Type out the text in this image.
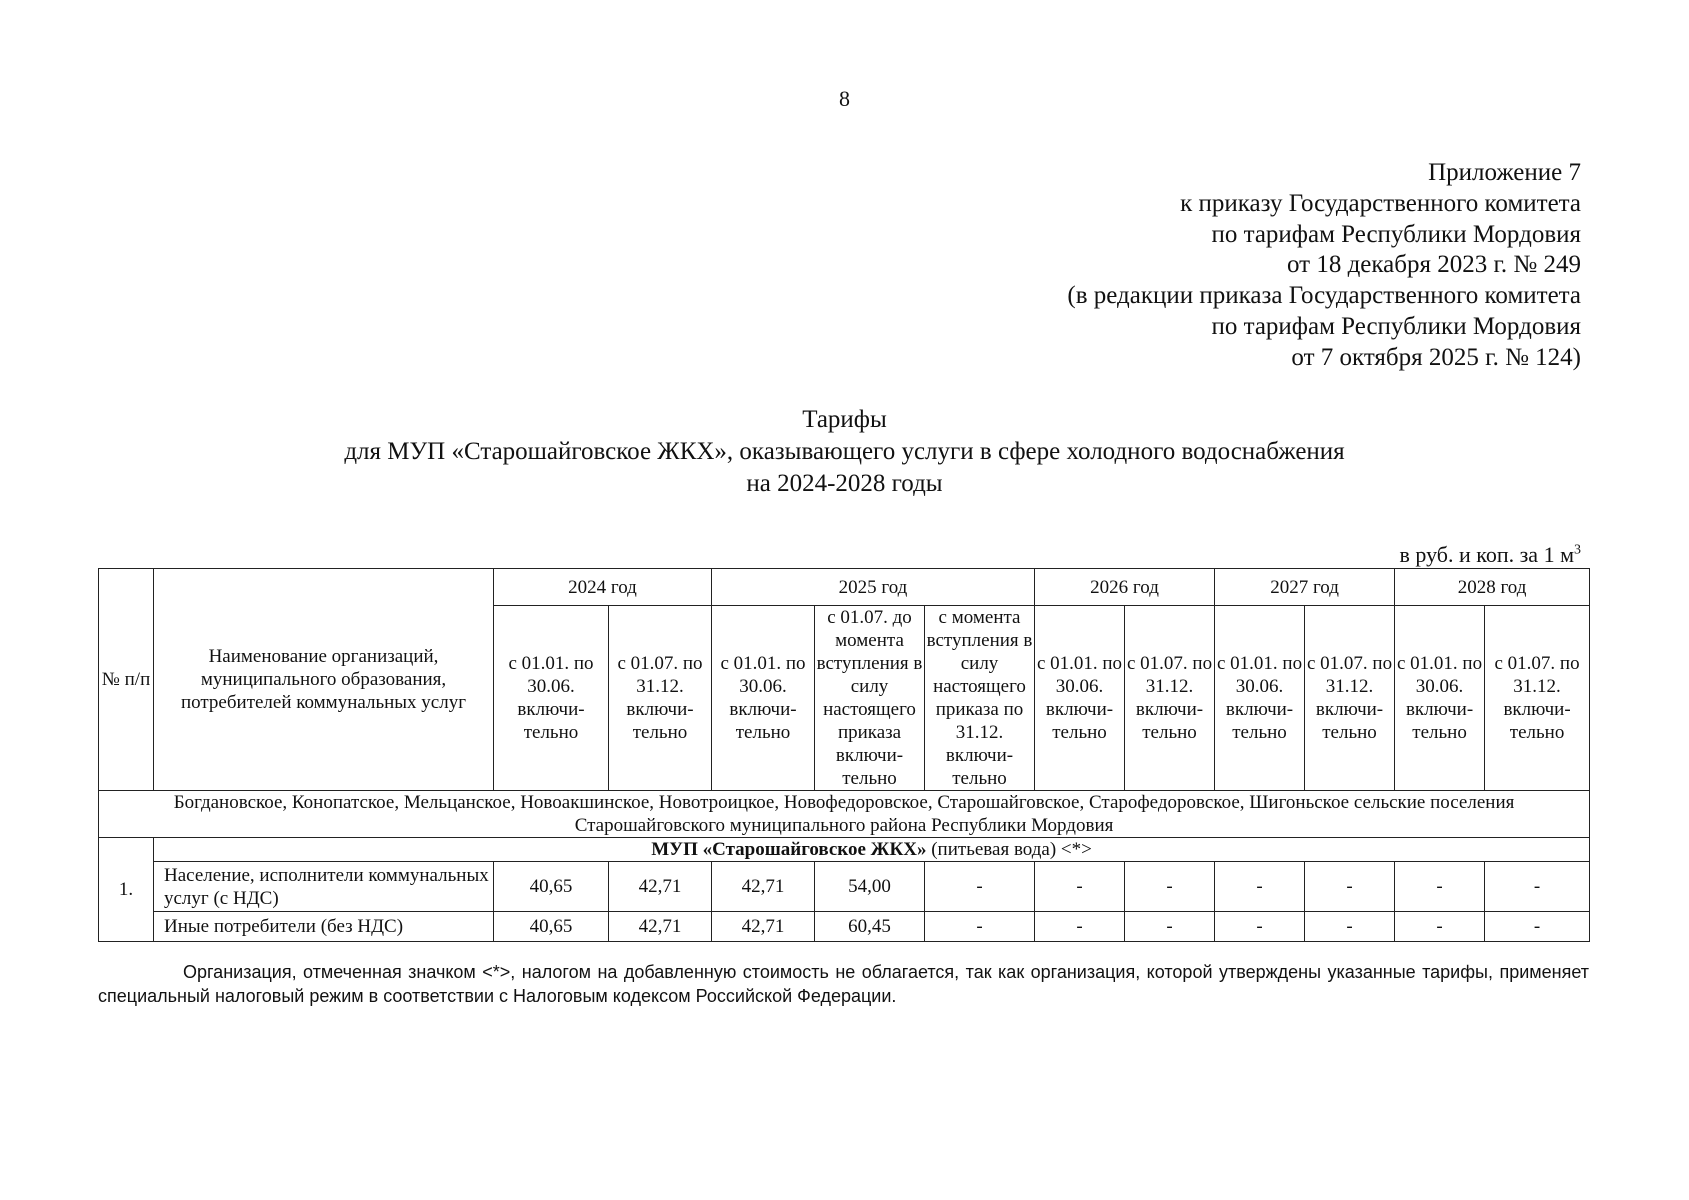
8
Приложение 7
к приказу Государственного комитета
по тарифам Республики Мордовия
от 18 декабря 2023 г. № 249
(в редакции приказа Государственного комитета
по тарифам Республики Мордовия
от 7 октября 2025 г. № 124)
Тарифы
для МУП «Старошайговское ЖКХ», оказывающего услуги в сфере холодного водоснабжения
на 2024-2028 годы
в руб. и коп. за 1 $м^3$
№ п/п	Наименование организаций, муниципального образования, потребителей коммунальных услуг	2024 год		2025 год			2026 год		2027 год		2028 год	
		с 01.01. по 30.06. включи-тельно	с 01.07. по 31.12. включи-тельно	с 01.01. по 30.06. включи-тельно	с 01.07. до момента вступления в силу настоящего приказа включи-тельно	с момента вступления в силу настоящего приказа по 31.12. включи-тельно	с 01.01. по 30.06. включи-тельно	с 01.07. по 31.12. включи-тельно	с 01.01. по 30.06. включи-тельно	с 01.07. по 31.12. включи-тельно	с 01.01. по 30.06. включи-тельно	с 01.07. по 31.12. включи-тельно
Богдановское, Конопатское, Мельцанское, Новоакшинское, Новотроицкое, Новофедоровское, Старошайговское, Старофедоровское, Шигоньское сельские поселения Старошайговского муниципального района Республики Мордовия												
1.	МУП «Старошайговское ЖКХ» (питьевая вода) <*>											
	Население, исполнители коммунальных услуг (с НДС)	40,65	42,71	42,71	54,00	-	-	-	-	-	-	-
	Иные потребители (без НДС)	40,65	42,71	42,71	60,45	-	-	-	-	-	-	-
Организация, отмеченная значком <*>, налогом на добавленную стоимость не облагается, так как организация, которой утверждены указанные тарифы, применяет специальный налоговый режим в соответствии с Налоговым кодексом Российской Федерации.
